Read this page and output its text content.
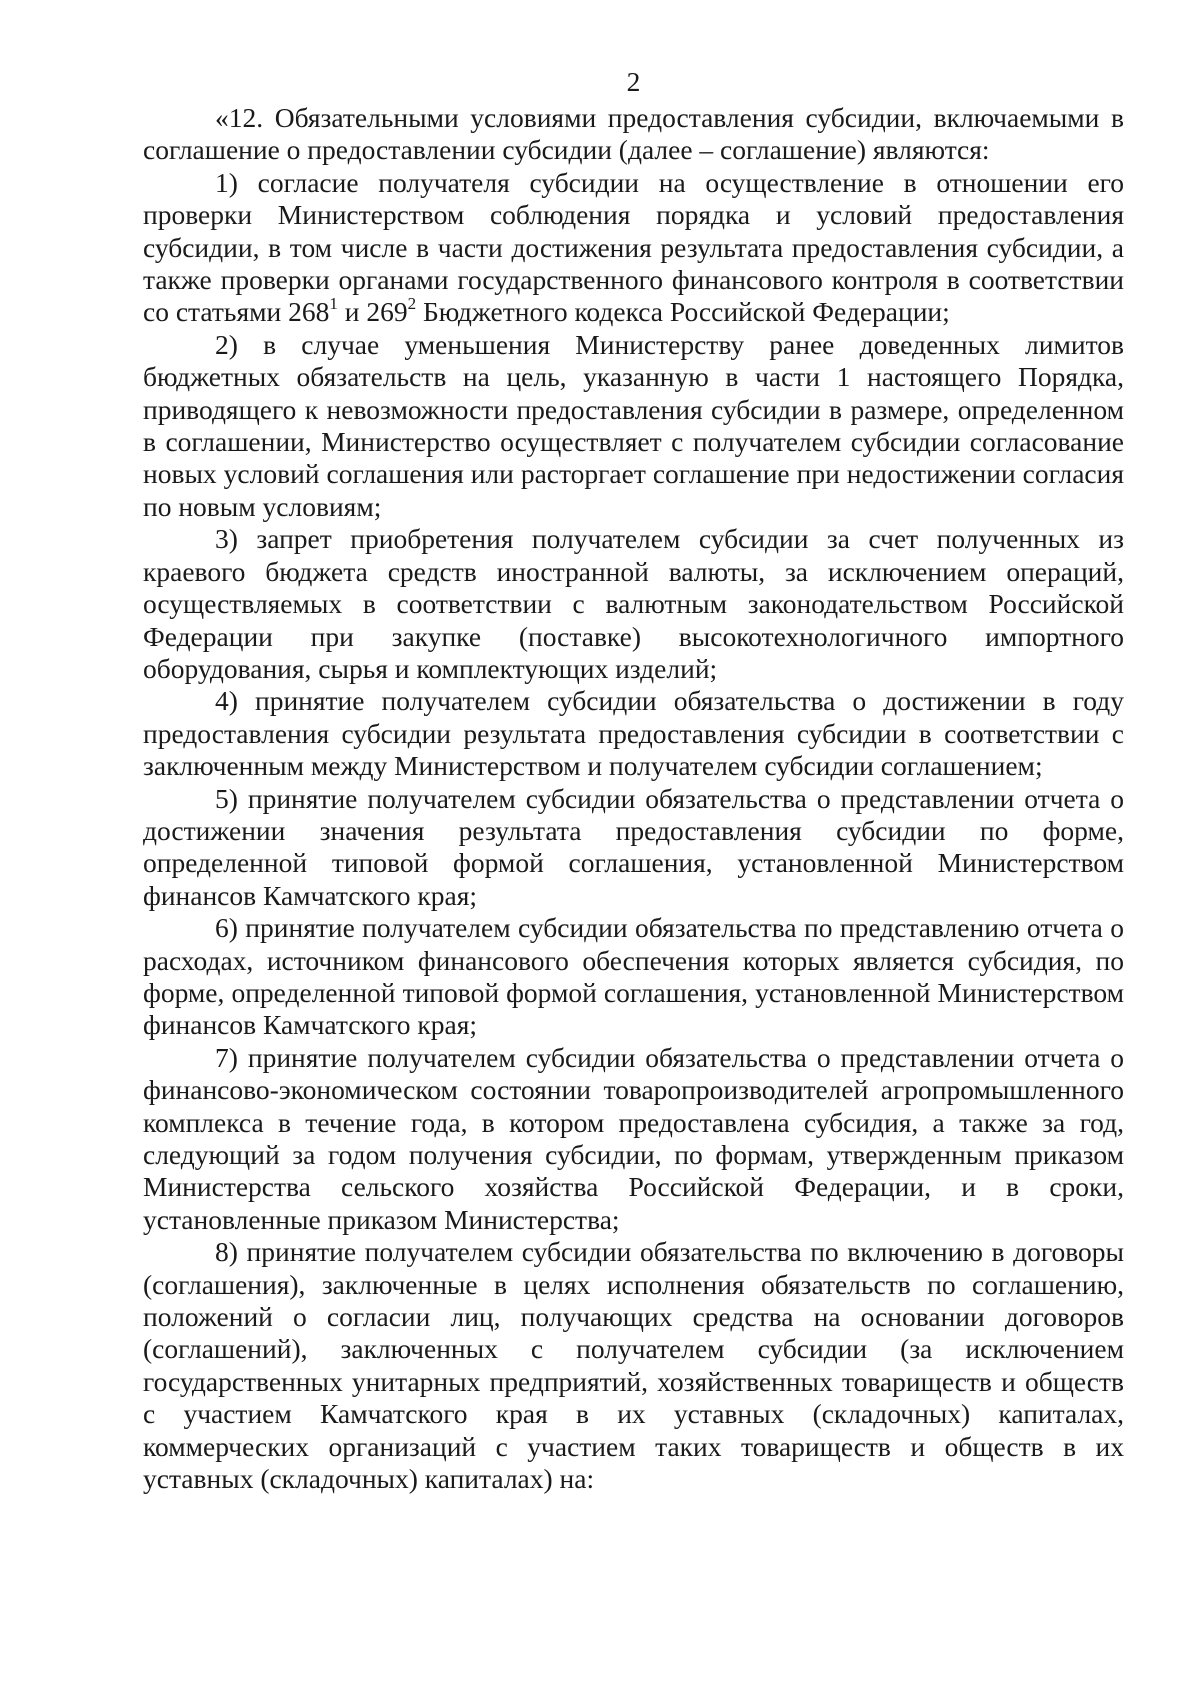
2

«12. Обязательными условиями предоставления субсидии, включаемыми в соглашение о предоставлении субсидии (далее – соглашение) являются:

1) согласие получателя субсидии на осуществление в отношении его проверки Министерством соблюдения порядка и условий предоставления субсидии, в том числе в части достижения результата предоставления субсидии, а также проверки органами государственного финансового контроля в соответствии со статьями $268^1$ и $269^2$ Бюджетного кодекса Российской Федерации;

2) в случае уменьшения Министерству ранее доведенных лимитов бюджетных обязательств на цель, указанную в части 1 настоящего Порядка, приводящего к невозможности предоставления субсидии в размере, определенном в соглашении, Министерство осуществляет с получателем субсидии согласование новых условий соглашения или расторгает соглашение при недостижении согласия по новым условиям;

3) запрет приобретения получателем субсидии за счет полученных из краевого бюджета средств иностранной валюты, за исключением операций, осуществляемых в соответствии с валютным законодательством Российской Федерации при закупке (поставке) высокотехнологичного импортного оборудования, сырья и комплектующих изделий;

4) принятие получателем субсидии обязательства о достижении в году предоставления субсидии результата предоставления субсидии в соответствии с заключенным между Министерством и получателем субсидии соглашением;

5) принятие получателем субсидии обязательства о представлении отчета о достижении значения результата предоставления субсидии по форме, определенной типовой формой соглашения, установленной Министерством финансов Камчатского края;

6) принятие получателем субсидии обязательства по представлению отчета о расходах, источником финансового обеспечения которых является субсидия, по форме, определенной типовой формой соглашения, установленной Министерством финансов Камчатского края;

7) принятие получателем субсидии обязательства о представлении отчета о финансово-экономическом состоянии товаропроизводителей агропромышленного комплекса в течение года, в котором предоставлена субсидия, а также за год, следующий за годом получения субсидии, по формам, утвержденным приказом Министерства сельского хозяйства Российской Федерации, и в сроки, установленные приказом Министерства;

8) принятие получателем субсидии обязательства по включению в договоры (соглашения), заключенные в целях исполнения обязательств по соглашению, положений о согласии лиц, получающих средства на основании договоров (соглашений), заключенных с получателем субсидии (за исключением государственных унитарных предприятий, хозяйственных товариществ и обществ с участием Камчатского края в их уставных (складочных) капиталах, коммерческих организаций с участием таких товариществ и обществ в их уставных (складочных) капиталах) на:
